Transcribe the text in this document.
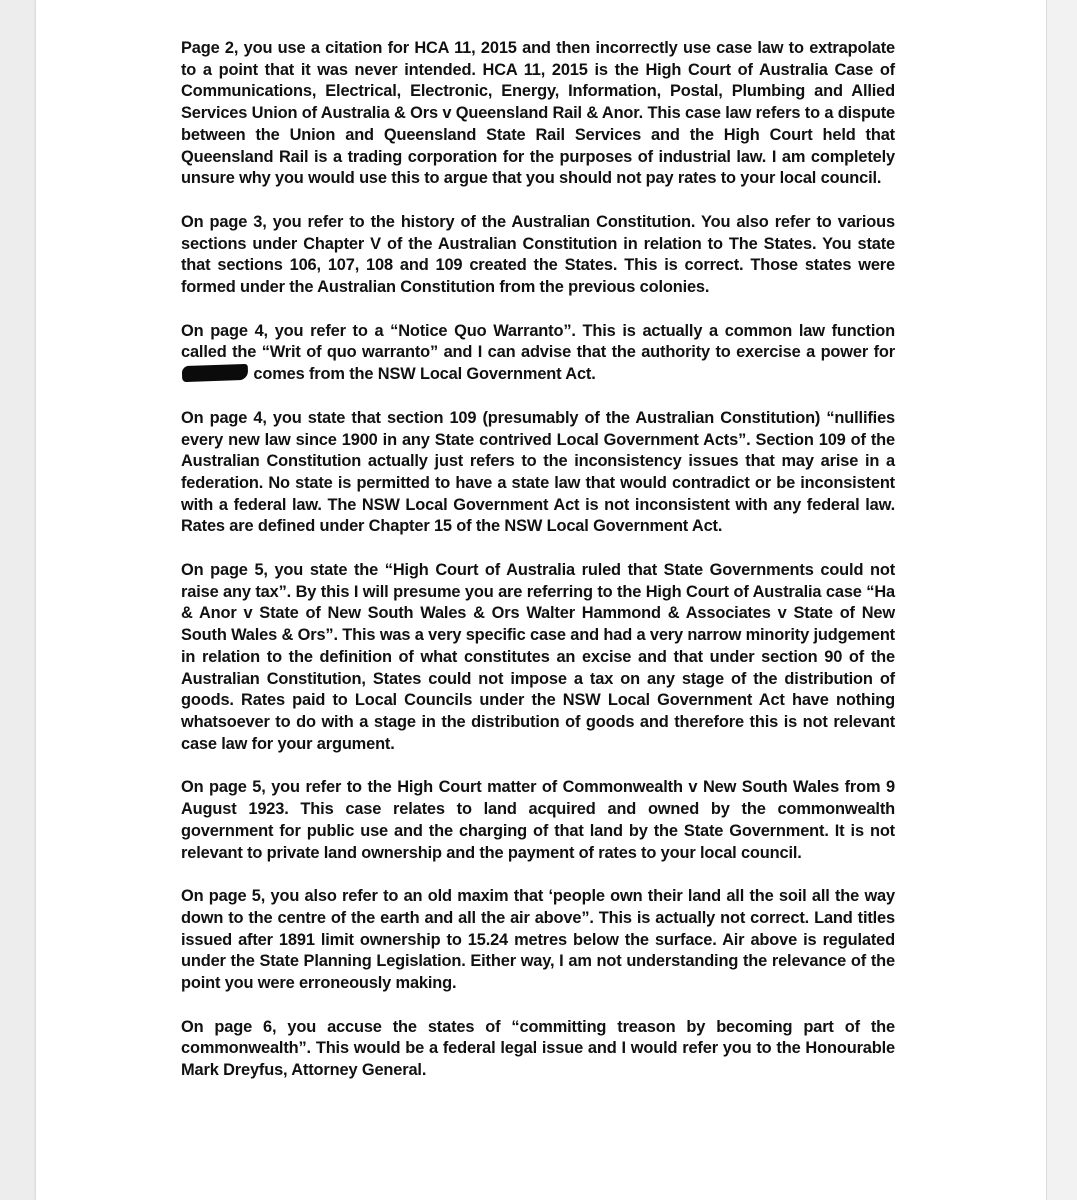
Page 2, you use a citation for HCA 11, 2015 and then incorrectly use case law to extrapolate to a point that it was never intended. HCA 11, 2015 is the High Court of Australia Case of Communications, Electrical, Electronic, Energy, Information, Postal, Plumbing and Allied Services Union of Australia & Ors v Queensland Rail & Anor. This case law refers to a dispute between the Union and Queensland State Rail Services and the High Court held that Queensland Rail is a trading corporation for the purposes of industrial law. I am completely unsure why you would use this to argue that you should not pay rates to your local council.

On page 3, you refer to the history of the Australian Constitution. You also refer to various sections under Chapter V of the Australian Constitution in relation to The States. You state that sections 106, 107, 108 and 109 created the States. This is correct. Those states were formed under the Australian Constitution from the previous colonies.

On page 4, you refer to a “Notice Quo Warranto”. This is actually a common law function called the “Writ of quo warranto” and I can advise that the authority to exercise a power for  comes from the NSW Local Government Act.

On page 4, you state that section 109 (presumably of the Australian Constitution) “nullifies every new law since 1900 in any State contrived Local Government Acts”. Section 109 of the Australian Constitution actually just refers to the inconsistency issues that may arise in a federation. No state is permitted to have a state law that would contradict or be inconsistent with a federal law. The NSW Local Government Act is not inconsistent with any federal law. Rates are defined under Chapter 15 of the NSW Local Government Act.

On page 5, you state the “High Court of Australia ruled that State Governments could not raise any tax”. By this I will presume you are referring to the High Court of Australia case “Ha & Anor v State of New South Wales & Ors Walter Hammond & Associates v State of New South Wales & Ors”. This was a very specific case and had a very narrow minority judgement in relation to the definition of what constitutes an excise and that under section 90 of the Australian Constitution, States could not impose a tax on any stage of the distribution of goods. Rates paid to Local Councils under the NSW Local Government Act have nothing whatsoever to do with a stage in the distribution of goods and therefore this is not relevant case law for your argument.

On page 5, you refer to the High Court matter of Commonwealth v New South Wales from 9 August 1923. This case relates to land acquired and owned by the commonwealth government for public use and the charging of that land by the State Government. It is not relevant to private land ownership and the payment of rates to your local council.

On page 5, you also refer to an old maxim that ‘people own their land all the soil all the way down to the centre of the earth and all the air above”. This is actually not correct. Land titles issued after 1891 limit ownership to 15.24 metres below the surface. Air above is regulated under the State Planning Legislation. Either way, I am not understanding the relevance of the point you were erroneously making.

On page 6, you accuse the states of “committing treason by becoming part of the commonwealth”. This would be a federal legal issue and I would refer you to the Honourable Mark Dreyfus, Attorney General.
